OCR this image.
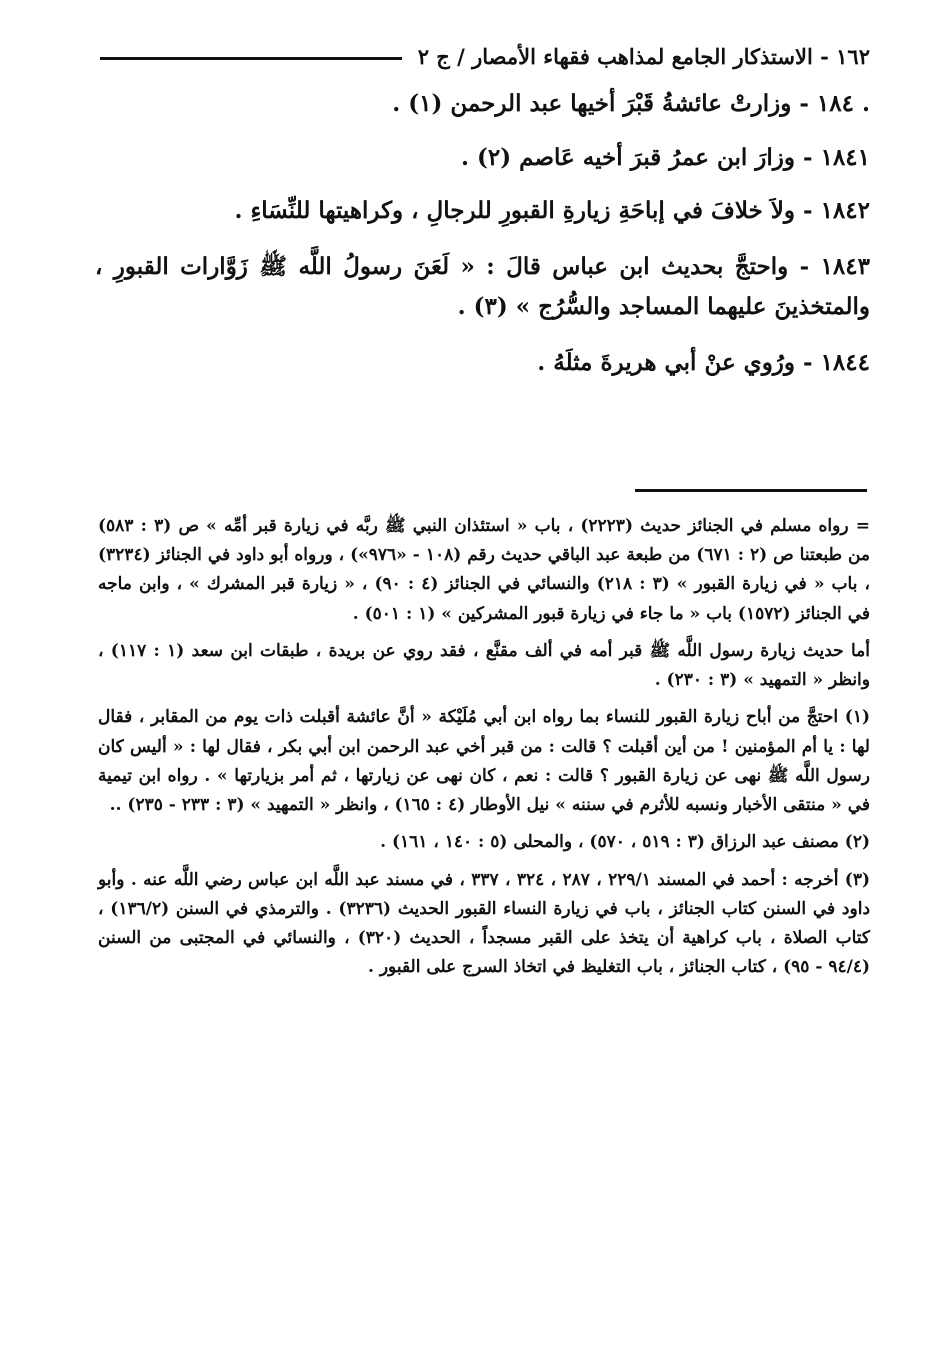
١٦٢ - الاستذكار الجامع لمذاهب فقهاء الأمصار / ج ٢

. ١٨٤ - وزارتْ عائشةُ قَبْرَ أخيها عبد الرحمن (١) .

١٨٤١ - وزارَ ابن عمرُ قبرَ أخيه عَاصم (٢) .

١٨٤٢ - ولاَ خلافَ في إباحَةِ زيارةِ القبورِ للرجالِ ، وكراهيتها للنِّسَاءِ .

١٨٤٣ - واحتجَّ بحديث ابن عباس قالَ : « لَعَنَ رسولُ اللَّه ﷺ زَوَّارات القبورِ ، والمتخذينَ عليهما المساجد والسُّرُج » (٣) .

١٨٤٤ - ورُوي عنْ أبي هريرةَ مثلَهُ .

= رواه مسلم في الجنائز حديث (٢٢٢٣) ، باب « استئذان النبي ﷺ ربَّه في زيارة قبر أمِّه » ص (٣ : ٥٨٣) من طبعتنا ص (٢ : ٦٧١) من طبعة عبد الباقي حديث رقم (١٠٨ - «٩٧٦») ، ورواه أبو داود في الجنائز (٣٢٣٤) ، باب « في زيارة القبور » (٣ : ٢١٨) والنسائي في الجنائز (٤ : ٩٠) ، « زيارة قبر المشرك » ، وابن ماجه في الجنائز (١٥٧٢) باب « ما جاء في زيارة قبور المشركين » (١ : ٥٠١) .

أما حديث زيارة رسول اللَّه ﷺ قبر أمه في ألف مقنَّع ، فقد روي عن بريدة ، طبقات ابن سعد (١ : ١١٧) ، وانظر « التمهيد » (٣ : ٢٣٠) .

(١) احتجَّ من أباح زيارة القبور للنساء بما رواه ابن أبي مُلَيْكة « أنَّ عائشة أقبلت ذات يوم من المقابر ، فقال لها : يا أم المؤمنين ! من أين أقبلت ؟ قالت : من قبر أخي عبد الرحمن ابن أبي بكر ، فقال لها : « أليس كان رسول اللَّه ﷺ نهى عن زيارة القبور ؟ قالت : نعم ، كان نهى عن زيارتها ، ثم أمر بزيارتها » . رواه ابن تيمية في « منتقى الأخبار ونسبه للأثرم في سننه » نيل الأوطار (٤ : ١٦٥) ، وانظر « التمهيد » (٣ : ٢٣٣ - ٢٣٥) ..

(٢) مصنف عبد الرزاق (٣ : ٥١٩ ، ٥٧٠) ، والمحلى (٥ : ١٤٠ ، ١٦١) .

(٣) أخرجه : أحمد في المسند ٢٢٩/١ ، ٢٨٧ ، ٣٢٤ ، ٣٣٧ ، في مسند عبد اللَّه ابن عباس رضي اللَّه عنه . وأبو داود في السنن كتاب الجنائز ، باب في زيارة النساء القبور الحديث (٣٢٣٦) . والترمذي في السنن (١٣٦/٢) ، كتاب الصلاة ، باب كراهية أن يتخذ على القبر مسجداً ، الحديث (٣٢٠) ، والنسائي في المجتبى من السنن (٩٤/٤ - ٩٥) ، كتاب الجنائز ، باب التغليظ في اتخاذ السرج على القبور .
